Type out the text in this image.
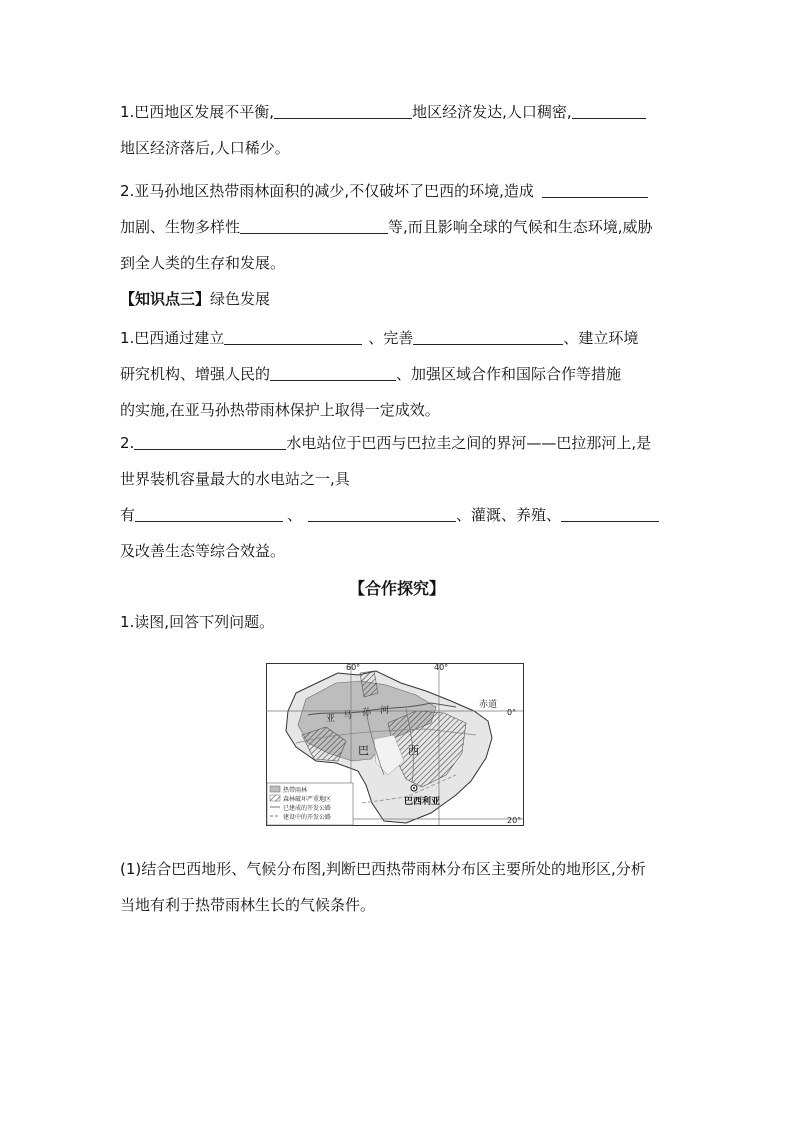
1.巴西地区发展不平衡,	地区经济发达,人口稠密,
地区经济落后,人口稀少。
2.亚马孙地区热带雨林面积的减少,不仅破坏了巴西的环境,造成
加剧、生物多样性	等,而且影响全球的气候和生态环境,威胁
到全人类的生存和发展。
【知识点三】绿色发展
1.巴西通过建立	、完善	、建立环境
研究机构、增强人民的	、加强区域合作和国际合作等措施
的实施,在亚马孙热带雨林保护上取得一定成效。
2.	水电站位于巴西与巴拉圭之间的界河——巴拉那河上,是
世界装机容量最大的水电站之一,具
有	、	、灌溉、养殖、
及改善生态等综合效益。
【合作探究】
1.读图,回答下列问题。
60°	40°
赤道
0°
20°
亚 马 孙 河
巴	西
巴西利亚
热带雨林
森林破坏严重地区
已建成的开发公路
建设中的开发公路
(1)结合巴西地形、气候分布图,判断巴西热带雨林分布区主要所处的地形区,分析
当地有利于热带雨林生长的气候条件。
